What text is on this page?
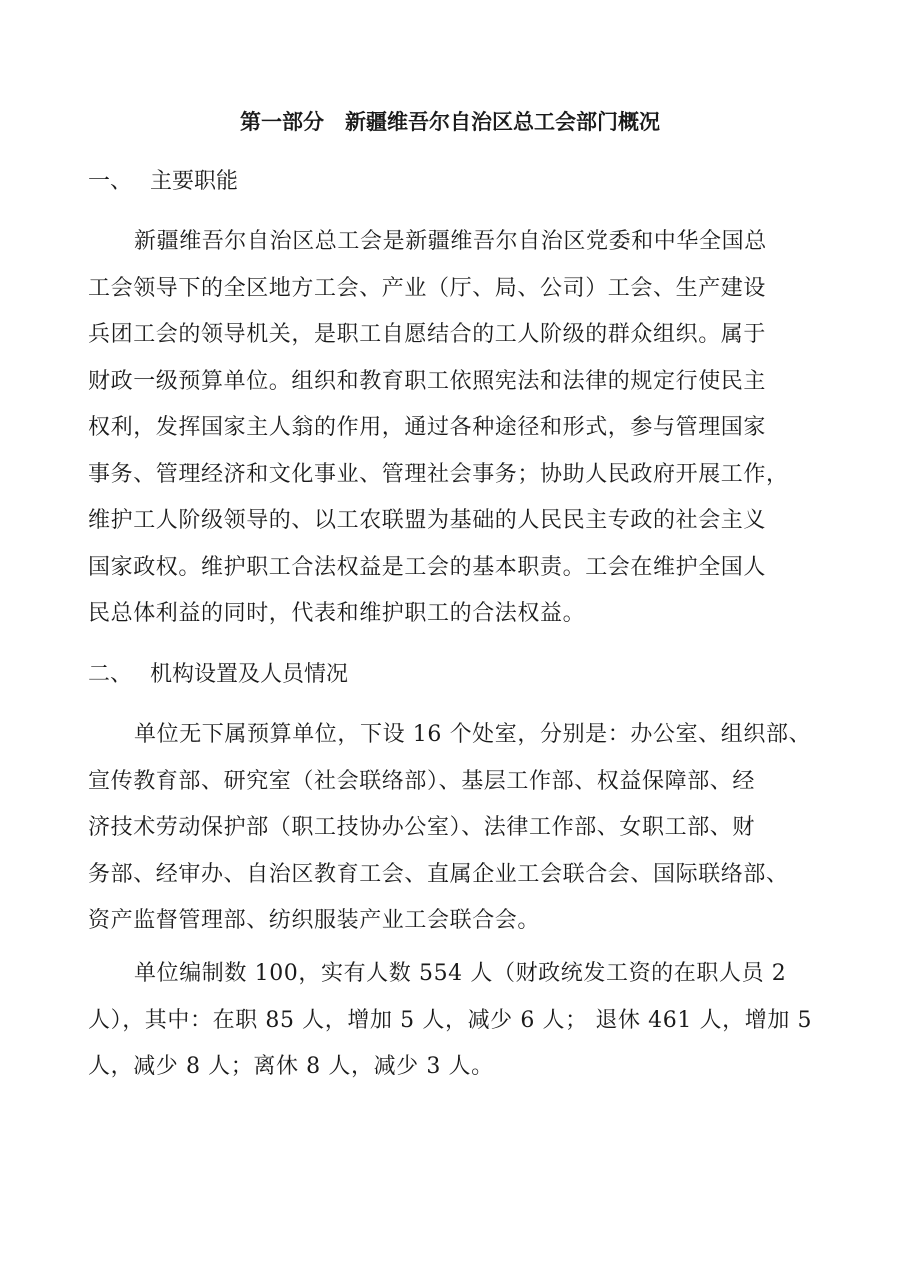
第一部分　新疆维吾尔自治区总工会部门概况
一、 主要职能
新疆维吾尔自治区总工会是新疆维吾尔自治区党委和中华全国总
工会领导下的全区地方工会、产业（厅、局、公司）工会、生产建设
兵团工会的领导机关，是职工自愿结合的工人阶级的群众组织。属于
财政一级预算单位。组织和教育职工依照宪法和法律的规定行使民主
权利，发挥国家主人翁的作用，通过各种途径和形式，参与管理国家
事务、管理经济和文化事业、管理社会事务；协助人民政府开展工作，
维护工人阶级领导的、以工农联盟为基础的人民民主专政的社会主义
国家政权。维护职工合法权益是工会的基本职责。工会在维护全国人
民总体利益的同时，代表和维护职工的合法权益。
二、 机构设置及人员情况
单位无下属预算单位，下设 16 个处室，分别是：办公室、组织部、
宣传教育部、研究室（社会联络部）、基层工作部、权益保障部、经
济技术劳动保护部（职工技协办公室）、法律工作部、女职工部、财
务部、经审办、自治区教育工会、直属企业工会联合会、国际联络部、
资产监督管理部、纺织服装产业工会联合会。
单位编制数 100，实有人数 554 人（财政统发工资的在职人员 2
人），其中：在职 85 人，增加 5 人，减少 6 人； 退休 461 人，增加 5
人，减少 8 人；离休 8 人，减少 3 人。
